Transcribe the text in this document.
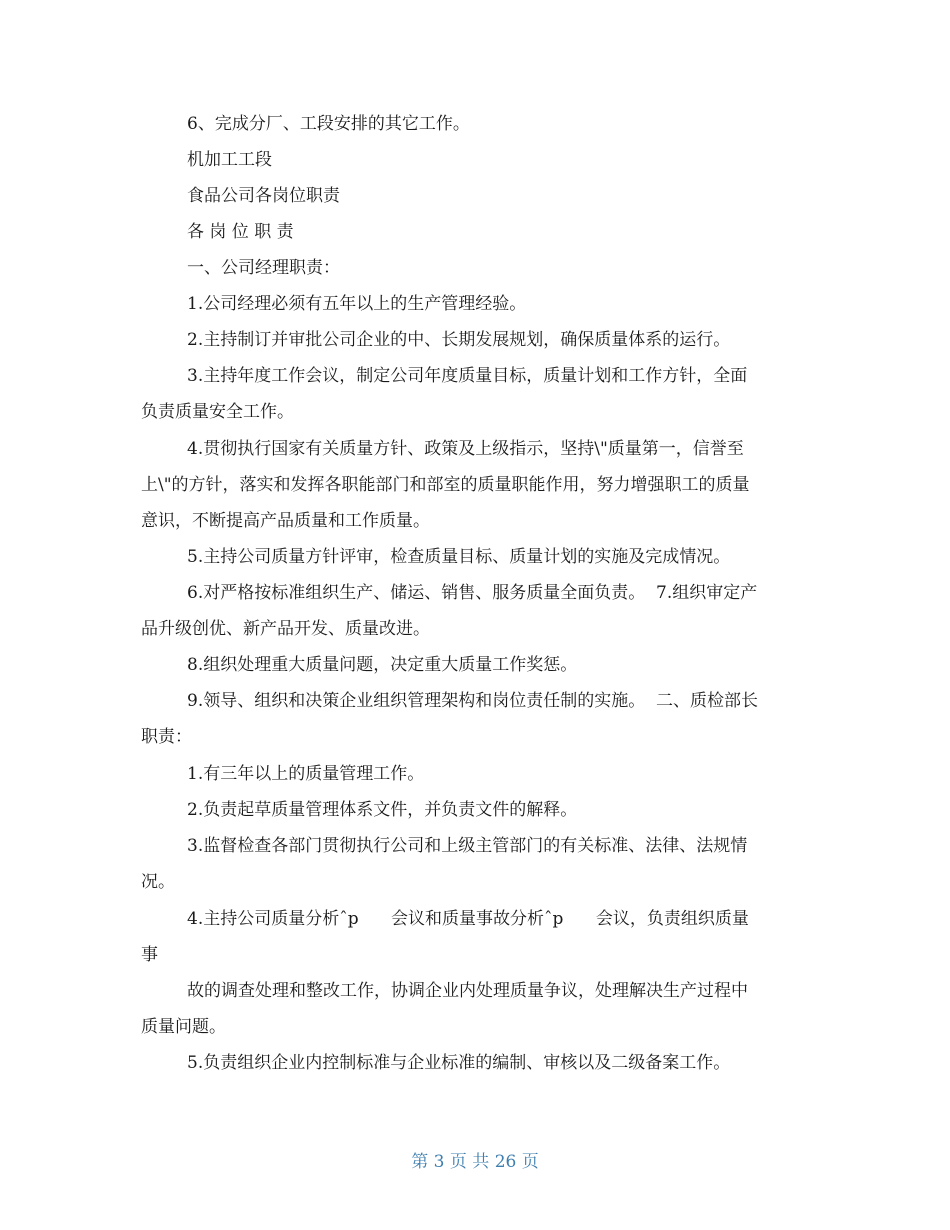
6、完成分厂、工段安排的其它工作。
机加工工段
食品公司各岗位职责
各 岗 位 职 责
一、公司经理职责：
1.公司经理必须有五年以上的生产管理经验。
2.主持制订并审批公司企业的中、长期发展规划，确保质量体系的运行。
3.主持年度工作会议，制定公司年度质量目标，质量计划和工作方针，全面
负责质量安全工作。
4.贯彻执行国家有关质量方针、政策及上级指示，坚持\"质量第一，信誉至
上\"的方针，落实和发挥各职能部门和部室的质量职能作用，努力增强职工的质量
意识，不断提高产品质量和工作质量。
5.主持公司质量方针评审，检查质量目标、质量计划的实施及完成情况。
6.对严格按标准组织生产、储运、销售、服务质量全面负责。  7.组织审定产
品升级创优、新产品开发、质量改进。
8.组织处理重大质量问题，决定重大质量工作奖惩。
9.领导、组织和决策企业组织管理架构和岗位责任制的实施。  二、质检部长
职责：
1.有三年以上的质量管理工作。
2.负责起草质量管理体系文件，并负责文件的解释。
3.监督检查各部门贯彻执行公司和上级主管部门的有关标准、法律、法规情
况。
4.主持公司质量分析ˆp      会议和质量事故分析ˆp      会议，负责组织质量
事
故的调查处理和整改工作，协调企业内处理质量争议，处理解决生产过程中
质量问题。
5.负责组织企业内控制标准与企业标准的编制、审核以及二级备案工作。
第 3 页 共 26 页
